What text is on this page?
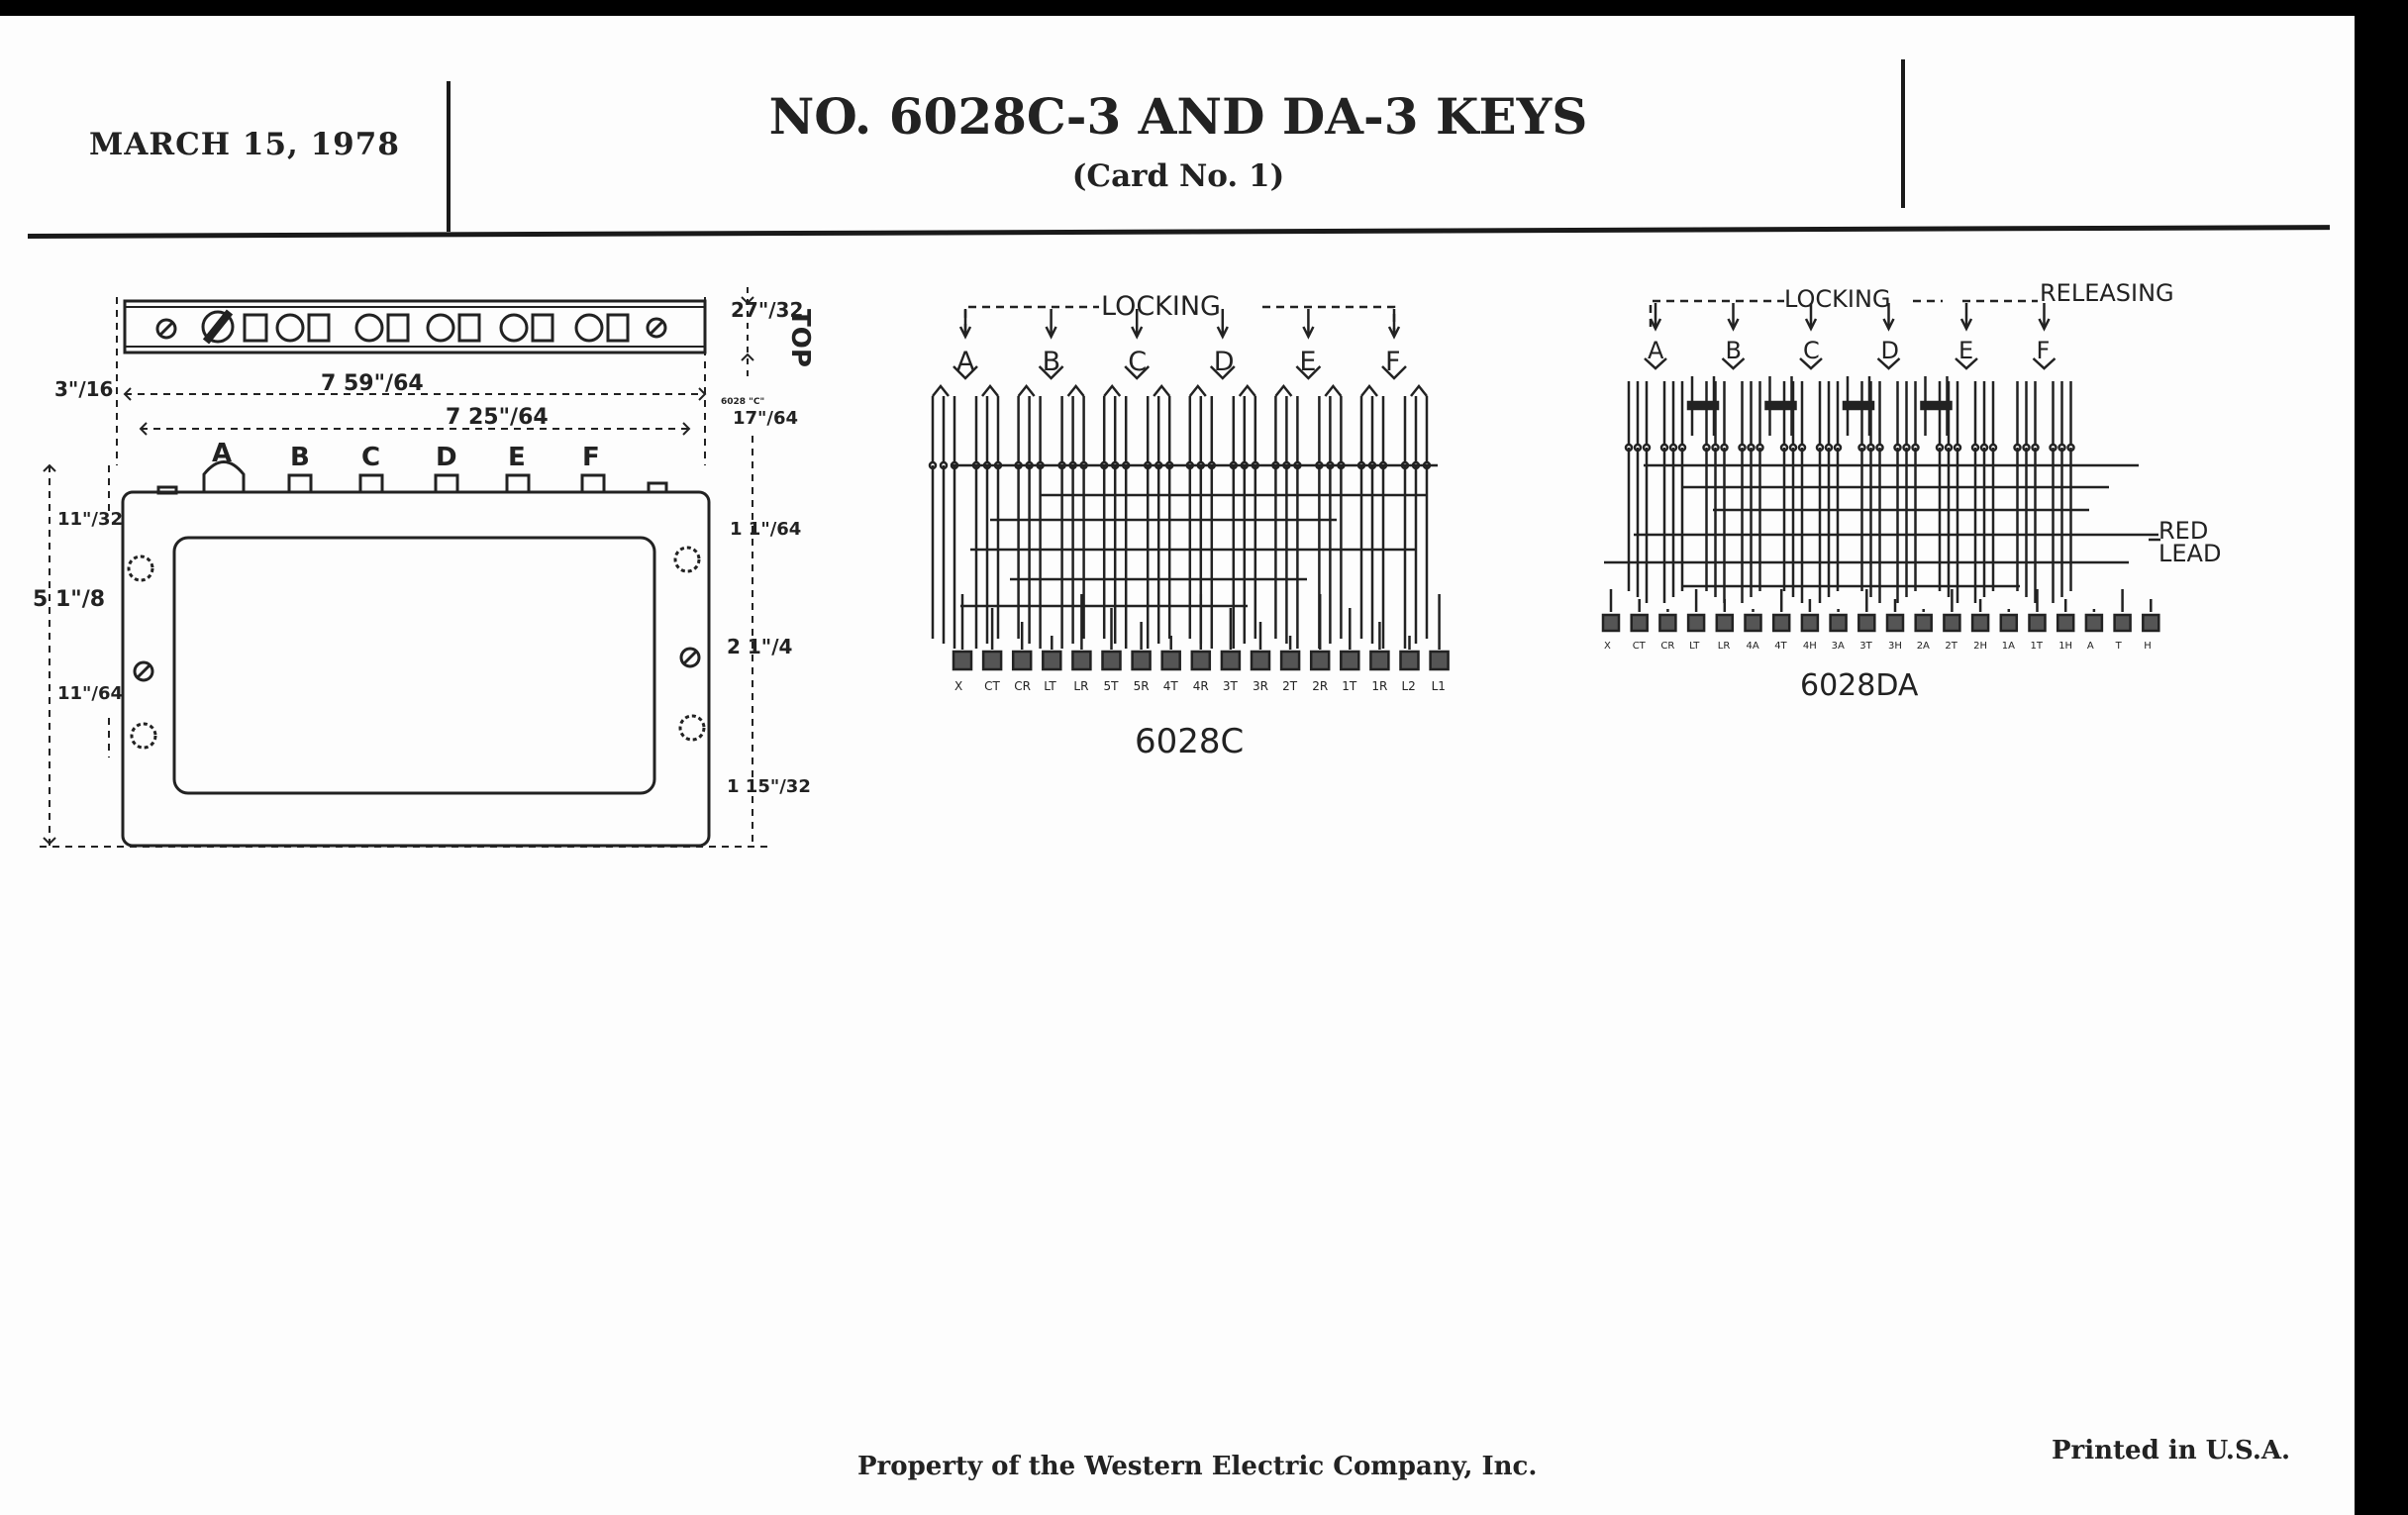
MARCH 15, 1978	NO. 6028C-3 AND DA-3 KEYS
(Card No. 1)
A B C D E F
TOP
27"/32
3"/16	7 59"/64
7 25"/64	17"/64
6028 "C"
11"/32
5 1"/8
11"/64
1 1"/64
2 1"/4
1 15"/32
LOCKING
A	B	C	D E	F
X CT CR LT LR 5T 5R 4T 4R 3T 3R 2T 2R 1T 1R L2 L1
6028C
LOCKING	RELEASING
RED
LEAD
A	B	C	D	E	F
X CT CR LT LR 4A 4T 4H 3A 3T 3H 2A 2T 2H 1A 1T 1H A T H
6028DA
Property of the Western Electric Company, Inc.
Printed in U.S.A.
